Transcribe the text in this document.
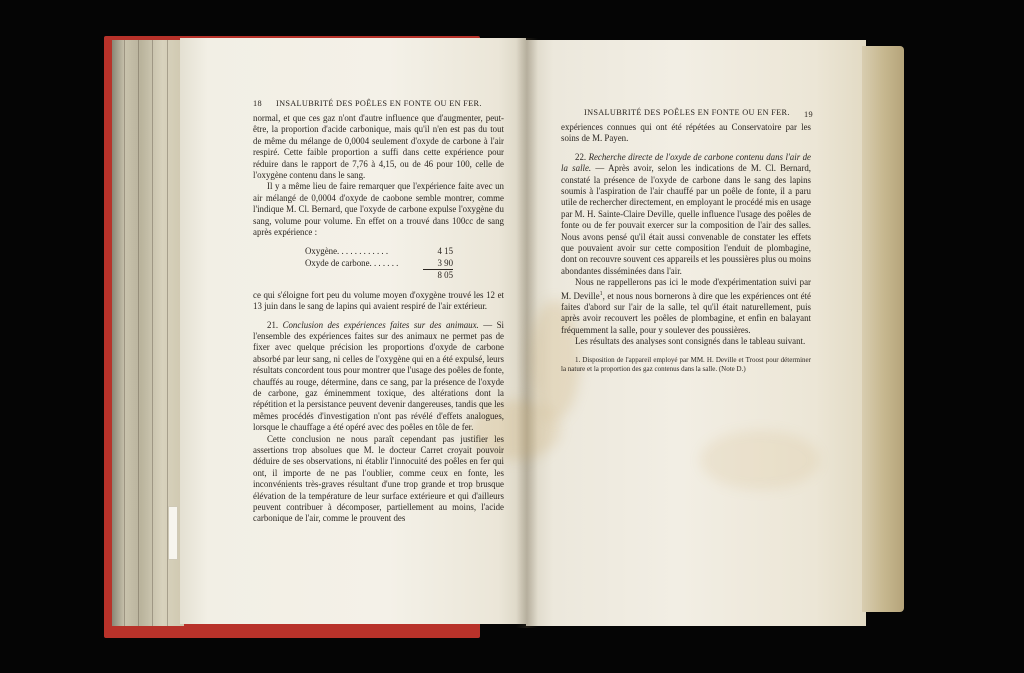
18 INSALUBRITÉ DES POÊLES EN FONTE OU EN FER.

normal, et que ces gaz n'ont d'autre influence que d'augmenter, peut-être, la proportion d'acide carbonique, mais qu'il n'en est pas du tout de même du mélange de 0,0004 seulement d'oxyde de carbone à l'air respiré. Cette faible proportion a suffi dans cette expérience pour réduire dans le rapport de 7,76 à 4,15, ou de 46 pour 100, celle de l'oxygène contenu dans le sang.

Il y a même lieu de faire remarquer que l'expérience faite avec un air mélangé de 0,0004 d'oxyde de caobone semble montrer, comme l'indique M. Cl. Bernard, que l'oxyde de carbone expulse l'oxygène du sang, volume pour volume. En effet on a trouvé dans 100cc de sang après expérience :

Oxygène. . . . . . . . . . . .	4 15
Oxyde de carbone. . . . . . .	3 90
8 05

ce qui s'éloigne fort peu du volume moyen d'oxygène trouvé les 12 et 13 juin dans le sang de lapins qui avaient respiré de l'air extérieur.

21. Conclusion des expériences faites sur des animaux. — Si l'ensemble des expériences faites sur des animaux ne permet pas de fixer avec quelque précision les proportions d'oxyde de carbone absorbé par leur sang, ni celles de l'oxygène qui en a été expulsé, leurs résultats concordent tous pour montrer que l'usage des poêles de fonte, chauffés au rouge, détermine, dans ce sang, par la présence de l'oxyde de carbone, gaz éminemment toxique, des altérations dont la répétition et la persistance peuvent devenir dangereuses, tandis que les mêmes procédés d'investigation n'ont pas révélé d'effets analogues, lorsque le chauffage a été opéré avec des poêles en tôle de fer.

Cette conclusion ne nous paraît cependant pas justifier les assertions trop absolues que M. le docteur Carret croyait pouvoir déduire de ses observations, ni établir l'innocuité des poêles en fer qui ont, il importe de ne pas l'oublier, comme ceux en fonte, les inconvénients très-graves résultant d'une trop grande et trop brusque élévation de la température de leur surface extérieure et qui d'ailleurs peuvent contribuer à décomposer, partiellement au moins, l'acide carbonique de l'air, comme le prouvent des

INSALUBRITÉ DES POÊLES EN FONTE OU EN FER. 19

expériences connues qui ont été répétées au Conservatoire par les soins de M. Payen.

22. Recherche directe de l'oxyde de carbone contenu dans l'air de la salle. — Après avoir, selon les indications de M. Cl. Bernard, constaté la présence de l'oxyde de carbone dans le sang des lapins soumis à l'aspiration de l'air chauffé par un poêle de fonte, il a paru utile de rechercher directement, en employant le procédé mis en usage par M. H. Sainte-Claire Deville, quelle influence l'usage des poêles de fonte ou de fer pouvait exercer sur la composition de l'air des salles. Nous avons pensé qu'il était aussi convenable de constater les effets que pouvaient avoir sur cette composition l'enduit de plombagine, dont on recouvre souvent ces appareils et les poussières plus ou moins abondantes disséminées dans l'air.

Nous ne rappellerons pas ici le mode d'expérimentation suivi par M. Deville$^1$, et nous nous bornerons à dire que les expériences ont été faites d'abord sur l'air de la salle, tel qu'il était naturellement, puis après avoir recouvert les poêles de plombagine, et enfin en balayant fréquemment la salle, pour y soulever des poussières.

Les résultats des analyses sont consignés dans le tableau suivant.

1. Disposition de l'appareil employé par MM. H. Deville et Troost pour déterminer la nature et la proportion des gaz contenus dans la salle. (Note D.)
